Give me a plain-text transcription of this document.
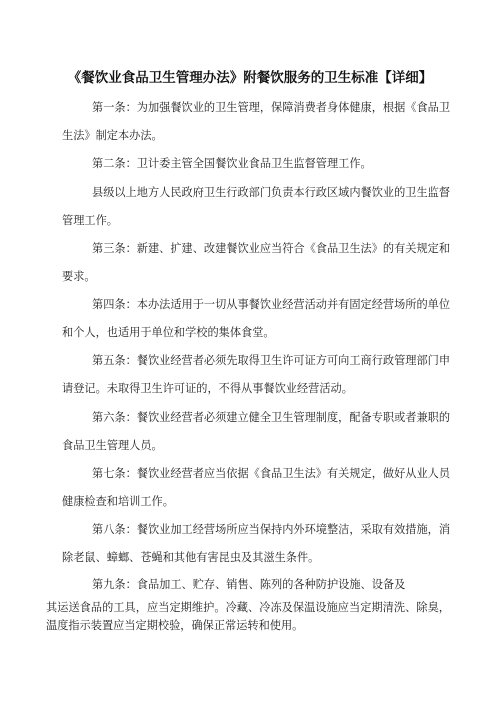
《餐饮业食品卫生管理办法》附餐饮服务的卫生标准【详细】

第一条：为加强餐饮业的卫生管理，保障消费者身体健康，根据《食品卫生法》制定本办法。

第二条：卫计委主管全国餐饮业食品卫生监督管理工作。

县级以上地方人民政府卫生行政部门负责本行政区域内餐饮业的卫生监督管理工作。

第三条：新建、扩建、改建餐饮业应当符合《食品卫生法》的有关规定和要求。

第四条：本办法适用于一切从事餐饮业经营活动并有固定经营场所的单位和个人，也适用于单位和学校的集体食堂。

第五条：餐饮业经营者必须先取得卫生许可证方可向工商行政管理部门申请登记。未取得卫生许可证的，不得从事餐饮业经营活动。

第六条：餐饮业经营者必须建立健全卫生管理制度，配备专职或者兼职的食品卫生管理人员。

第七条：餐饮业经营者应当依据《食品卫生法》有关规定，做好从业人员健康检查和培训工作。

第八条：餐饮业加工经营场所应当保持内外环境整洁，采取有效措施，消除老鼠、蟑螂、苍蝇和其他有害昆虫及其滋生条件。

第九条：食品加工、贮存、销售、陈列的各种防护设施、设备及
其运送食品的工具，应当定期维护。冷藏、冷冻及保温设施应当定期清洗、除臭，温度指示装置应当定期校验，确保正常运转和使用。
